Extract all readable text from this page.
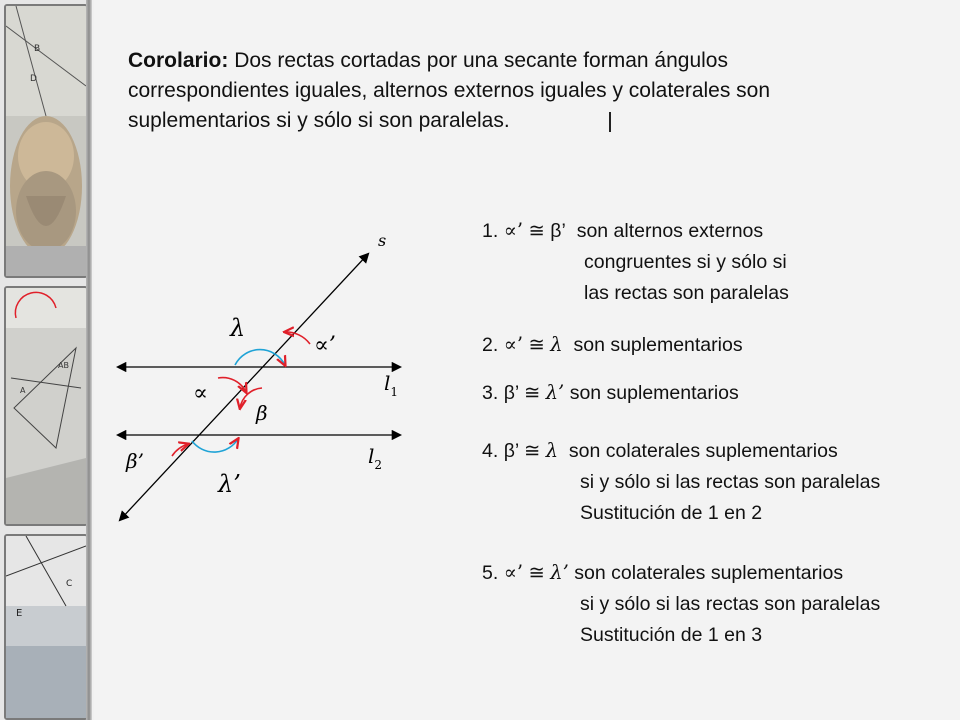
B
D
A
AB
E
C
Corolario: Dos rectas cortadas por una secante forman ángulos correspondientes iguales, alternos externos iguales y colaterales son suplementarios si y sólo si son paralelas.
s
$l_1$
$l_2$
λ
∝’
∝
β
β’
λ’
1. ∝’ ≅ β’ son alternos externos
congruentes si y sólo si
las rectas son paralelas
2. ∝’ ≅ λ son suplementarios
3. β’ ≅ λ’ son suplementarios
4. β’ ≅ λ son colaterales suplementarios
si y sólo si las rectas son paralelas
Sustitución de 1 en 2
5. ∝’ ≅ λ’ son colaterales suplementarios
si y sólo si las rectas son paralelas
Sustitución de 1 en 3
